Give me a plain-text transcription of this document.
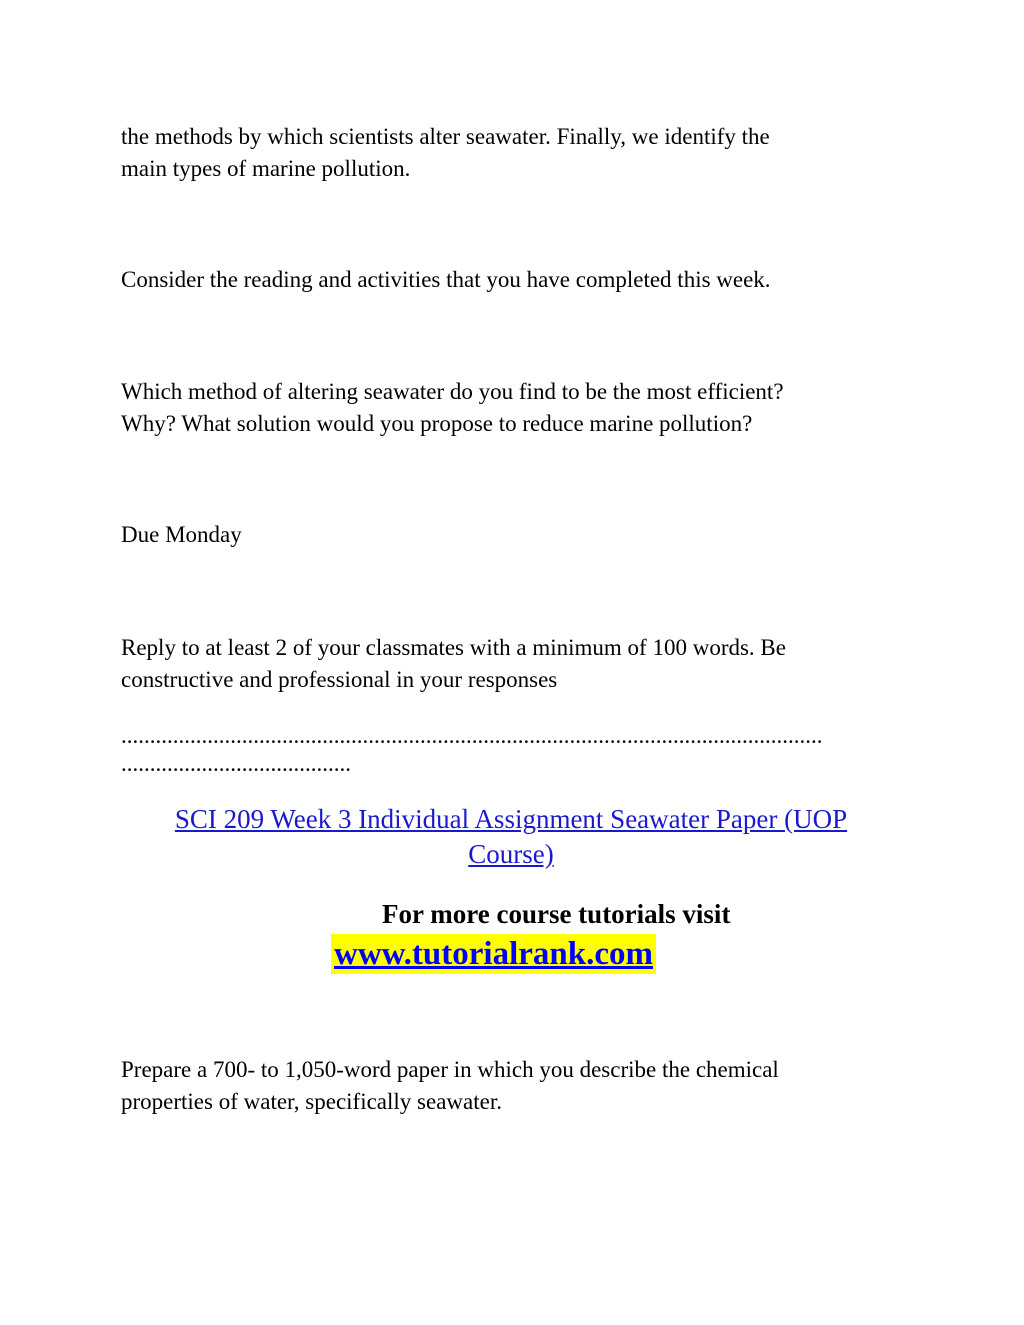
the methods by which scientists alter seawater. Finally, we identify the
main types of marine pollution.

Consider the reading and activities that you have completed this week.

Which method of altering seawater do you find to be the most efficient?
Why? What solution would you propose to reduce marine pollution?

Due Monday

Reply to at least 2 of your classmates with a minimum of 100 words. Be
constructive and professional in your responses

..........................................................................................................................
........................................
SCI 209 Week 3 Individual Assignment Seawater Paper (UOP
Course)

For more course tutorials visit

www.tutorialrank.com

Prepare a 700- to 1,050-word paper in which you describe the chemical
properties of water, specifically seawater.
